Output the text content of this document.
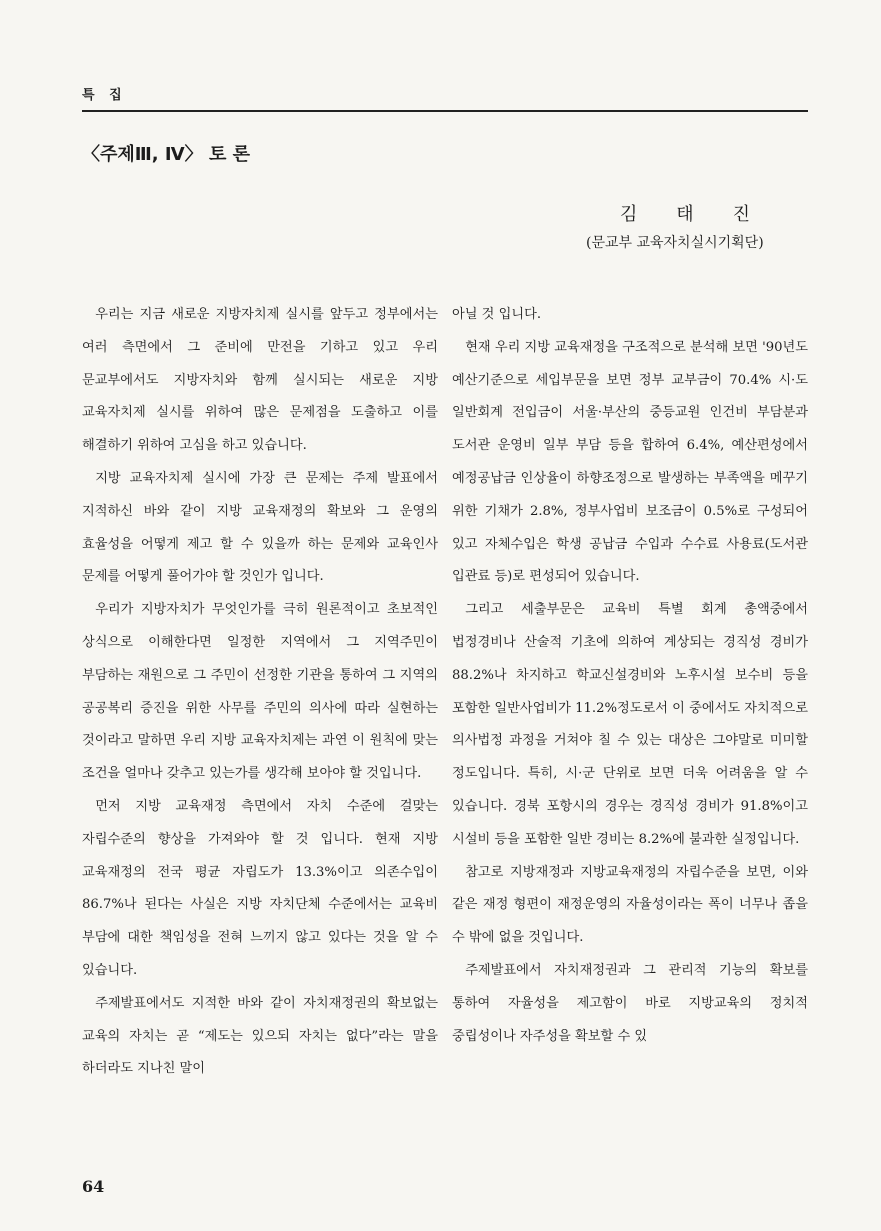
특 집
〈주제Ⅲ, Ⅳ〉 토 론
김 태 진
(문교부 교육자치실시기획단)

우리는 지금 새로운 지방자치제 실시를 앞두고 정부에서는 여러 측면에서 그 준비에 만전을 기하고 있고 우리 문교부에서도 지방자치와 함께 실시되는 새로운 지방 교육자치제 실시를 위하여 많은 문제점을 도출하고 이를 해결하기 위하여 고심을 하고 있습니다.

지방 교육자치제 실시에 가장 큰 문제는 주제 발표에서 지적하신 바와 같이 지방 교육재정의 확보와 그 운영의 효율성을 어떻게 제고 할 수 있을까 하는 문제와 교육인사 문제를 어떻게 풀어가야 할 것인가 입니다.

우리가 지방자치가 무엇인가를 극히 원론적이고 초보적인 상식으로 이해한다면 일정한 지역에서 그 지역주민이 부담하는 재원으로 그 주민이 선정한 기관을 통하여 그 지역의 공공복리 증진을 위한 사무를 주민의 의사에 따라 실현하는 것이라고 말하면 우리 지방 교육자치제는 과연 이 원칙에 맞는 조건을 얼마나 갖추고 있는가를 생각해 보아야 할 것입니다.

먼저 지방 교육재정 측면에서 자치 수준에 걸맞는 자립수준의 향상을 가져와야 할 것 입니다. 현재 지방 교육재정의 전국 평균 자립도가 13.3%이고 의존수입이 86.7%나 된다는 사실은 지방 자치단체 수준에서는 교육비 부담에 대한 책임성을 전혀 느끼지 않고 있다는 것을 알 수 있습니다.

주제발표에서도 지적한 바와 같이 자치재정권의 확보없는 교육의 자치는 곧 “제도는 있으되 자치는 없다”라는 말을 하더라도 지나친 말이

아닐 것 입니다.

현재 우리 지방 교육재정을 구조적으로 분석해 보면 '90년도 예산기준으로 세입부문을 보면 정부 교부금이 70.4% 시·도 일반회계 전입금이 서울·부산의 중등교원 인건비 부담분과 도서관 운영비 일부 부담 등을 합하여 6.4%, 예산편성에서 예정공납금 인상율이 하향조정으로 발생하는 부족액을 메꾸기 위한 기채가 2.8%, 정부사업비 보조금이 0.5%로 구성되어 있고 자체수입은 학생 공납금 수입과 수수료 사용료(도서관 입관료 등)로 편성되어 있습니다.

그리고 세출부문은 교육비 특별 회계 총액중에서 법정경비나 산술적 기초에 의하여 계상되는 경직성 경비가 88.2%나 차지하고 학교신설경비와 노후시설 보수비 등을 포함한 일반사업비가 11.2%정도로서 이 중에서도 자치적으로 의사법정 과정을 거쳐야 칠 수 있는 대상은 그야말로 미미할 정도입니다. 특히, 시·군 단위로 보면 더욱 어려움을 알 수 있습니다. 경북 포항시의 경우는 경직성 경비가 91.8%이고 시설비 등을 포함한 일반 경비는 8.2%에 불과한 실정입니다.

참고로 지방재정과 지방교육재정의 자립수준을 보면, 이와 같은 재정 형편이 재정운영의 자율성이라는 폭이 너무나 좁을 수 밖에 없을 것입니다.

주제발표에서 자치재정권과 그 관리적 기능의 확보를 통하여 자율성을 제고함이 바로 지방교육의 정치적 중립성이나 자주성을 확보할 수 있

64
